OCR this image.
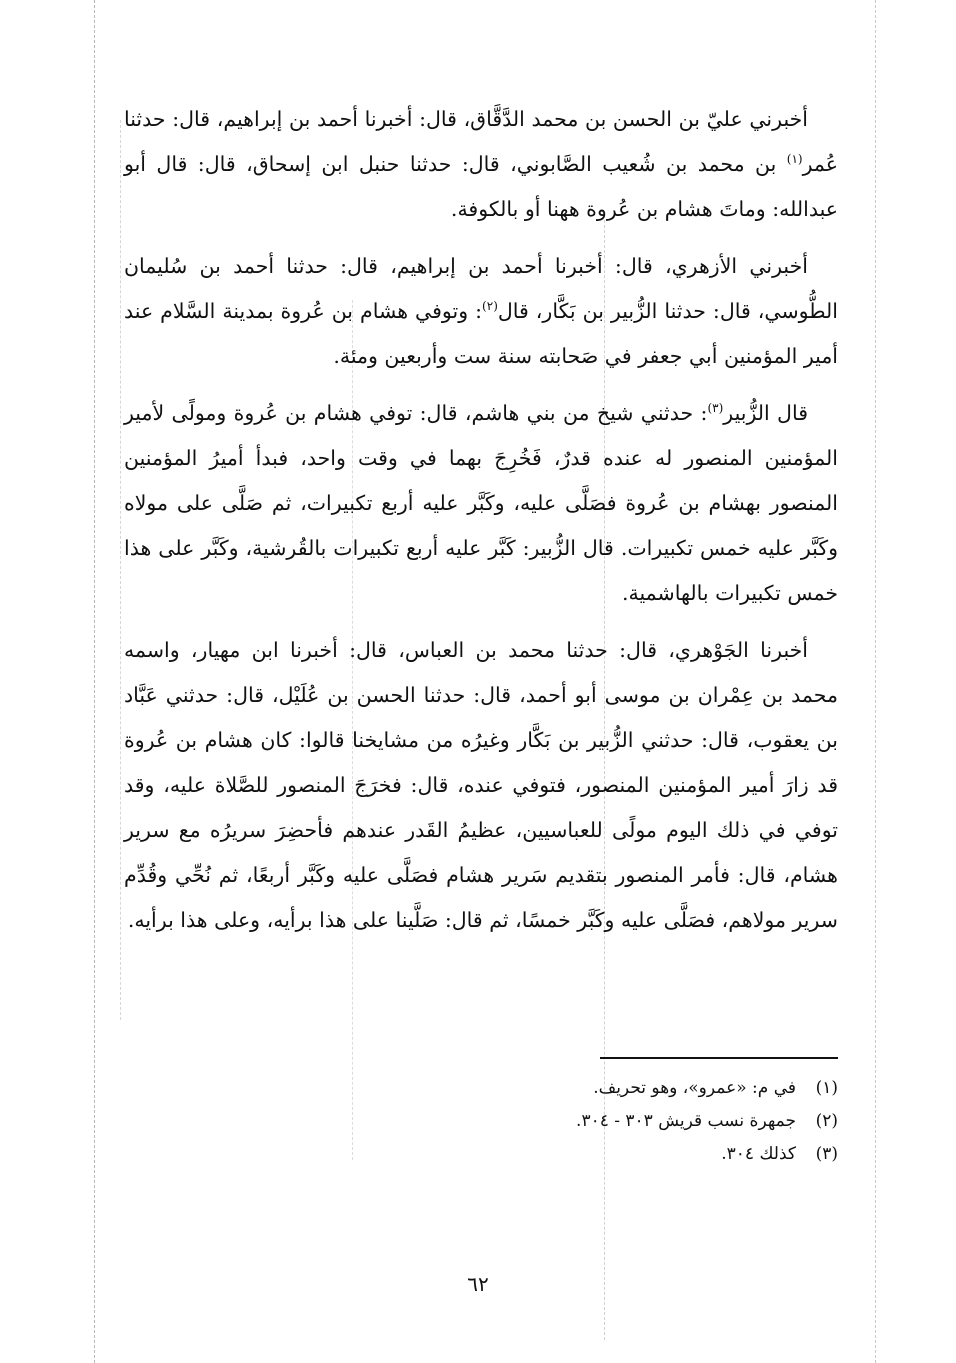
أخبرني عليّ بن الحسن بن محمد الدَّقَّاق، قال: أخبرنا أحمد بن إبراهيم، قال: حدثنا عُمر$^{(١)}$ بن محمد بن شُعيب الصَّابوني، قال: حدثنا حنبل ابن إسحاق، قال: قال أبو عبدالله: وماتَ هشام بن عُروة ههنا أو بالكوفة.

أخبرني الأزهري، قال: أخبرنا أحمد بن إبراهيم، قال: حدثنا أحمد بن سُليمان الطُّوسي، قال: حدثنا الزُّبير بن بَكَّار، قال$^{(٢)}$: وتوفي هشام بن عُروة بمدينة السَّلام عند أمير المؤمنين أبي جعفر في صَحابته سنة ست وأربعين ومئة.

قال الزُّبير$^{(٣)}$: حدثني شيخ من بني هاشم، قال: توفي هشام بن عُروة ومولًى لأمير المؤمنين المنصور له عنده قدرٌ، فَخُرِجَ بهما في وقت واحد، فبدأ أميرُ المؤمنين المنصور بهشام بن عُروة فصَلَّى عليه، وكَبَّر عليه أربع تكبيرات، ثم صَلَّى على مولاه وكَبَّر عليه خمس تكبيرات. قال الزُّبير: كَبَّر عليه أربع تكبيرات بالقُرشية، وكَبَّر على هذا خمس تكبيرات بالهاشمية.

أخبرنا الجَوْهري، قال: حدثنا محمد بن العباس، قال: أخبرنا ابن مهيار، واسمه محمد بن عِمْران بن موسى أبو أحمد، قال: حدثنا الحسن بن عُلَيْل، قال: حدثني عَبَّاد بن يعقوب، قال: حدثني الزُّبير بن بَكَّار وغيرُه من مشايخنا قالوا: كان هشام بن عُروة قد زارَ أمير المؤمنين المنصور، فتوفي عنده، قال: فخرَجَ المنصور للصَّلاة عليه، وقد توفي في ذلك اليوم مولًى للعباسيين، عظيمُ القَدر عندهم فأحضِرَ سريرُه مع سرير هشام، قال: فأمر المنصور بتقديم سَرير هشام فصَلَّى عليه وكَبَّر أربعًا، ثم نُحِّي وقُدِّم سرير مولاهم، فصَلَّى عليه وكَبَّر خمسًا، ثم قال: صَلَّينا على هذا برأيه، وعلى هذا برأيه.

(١)في م: «عمرو»، وهو تحريف.

(٢)جمهرة نسب قريش ٣٠٣ - ٣٠٤.

(٣)كذلك ٣٠٤.

٦٢
